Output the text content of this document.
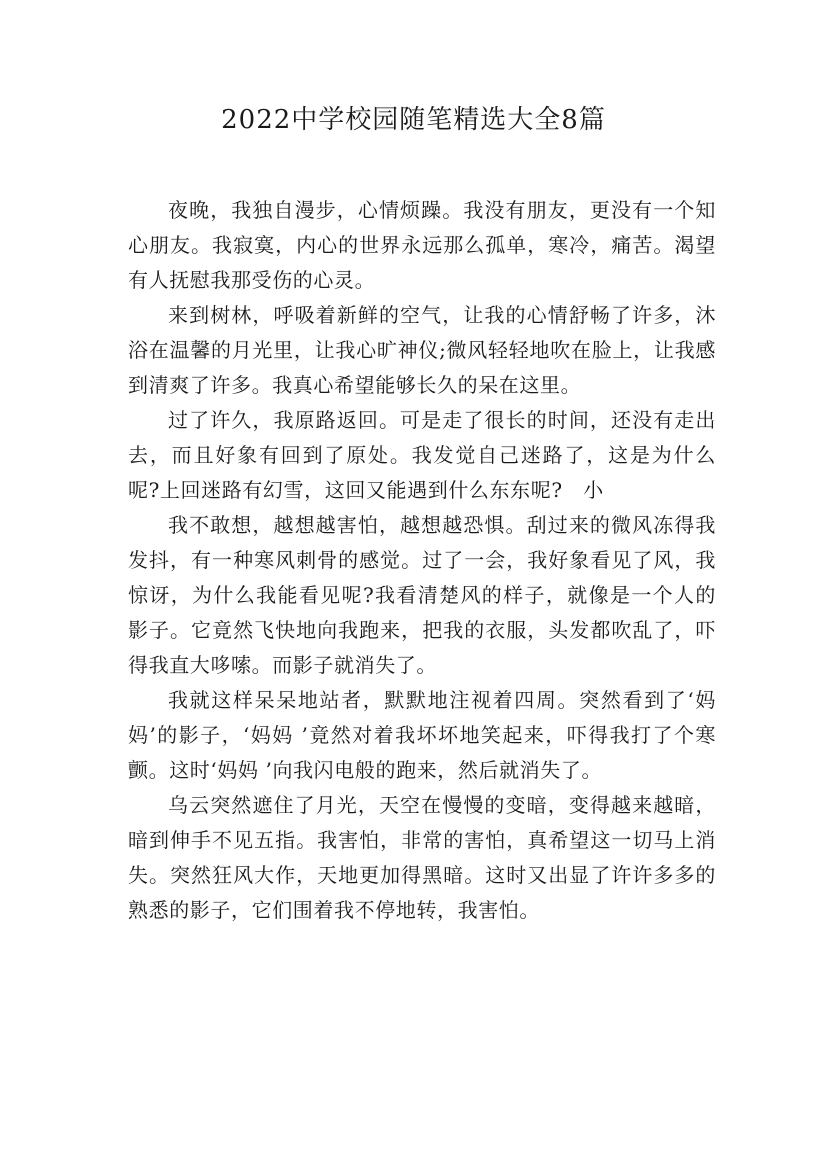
2022中学校园随笔精选大全8篇

夜晚，我独自漫步，心情烦躁。我没有朋友，更没有一个知心朋友。我寂寞，内心的世界永远那么孤单，寒冷，痛苦。渴望有人抚慰我那受伤的心灵。

来到树林，呼吸着新鲜的空气，让我的心情舒畅了许多，沐浴在温馨的月光里，让我心旷神仪;微风轻轻地吹在脸上，让我感到清爽了许多。我真心希望能够长久的呆在这里。

过了许久，我原路返回。可是走了很长的时间，还没有走出去，而且好象有回到了原处。我发觉自己迷路了，这是为什么呢?上回迷路有幻雪，这回又能遇到什么东东呢?　小

我不敢想，越想越害怕，越想越恐惧。刮过来的微风冻得我发抖，有一种寒风刺骨的感觉。过了一会，我好象看见了风，我惊讶，为什么我能看见呢?我看清楚风的样子，就像是一个人的影子。它竟然飞快地向我跑来，把我的衣服，头发都吹乱了，吓得我直大哆嗦。而影子就消失了。

我就这样呆呆地站者，默默地注视着四周。突然看到了‘妈妈’的影子，‘妈妈 ’竟然对着我坏坏地笑起来，吓得我打了个寒颤。这时‘妈妈 ’向我闪电般的跑来，然后就消失了。

乌云突然遮住了月光，天空在慢慢的变暗，变得越来越暗，暗到伸手不见五指。我害怕，非常的害怕，真希望这一切马上消失。突然狂风大作，天地更加得黑暗。这时又出显了许许多多的熟悉的影子，它们围着我不停地转，我害怕。
